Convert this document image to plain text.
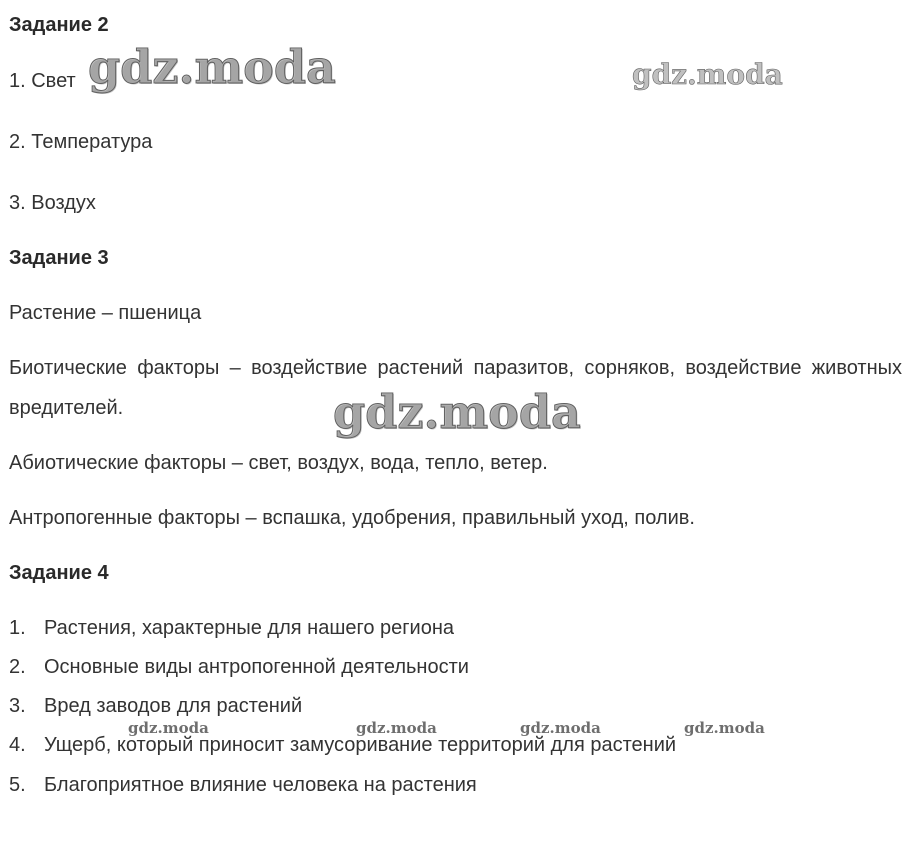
Задание 2
1. Свет
2. Температура
3. Воздух
Задание 3
Растение – пшеница
Биотические факторы – воздействие растений паразитов, сорняков, воздействие животных вредителей.
Абиотические факторы – свет, воздух, вода, тепло, ветер.
Антропогенные факторы – вспашка, удобрения, правильный уход, полив.
Задание 4
1. Растения, характерные для нашего региона
2. Основные виды антропогенной деятельности
3. Вред заводов для растений
4. Ущерб, который приносит замусоривание территорий для растений
5. Благоприятное влияние человека на растения
gdz.moda	gdz.moda
gdz.moda
gdz.moda	gdz.moda	gdz.moda	gdz.moda
